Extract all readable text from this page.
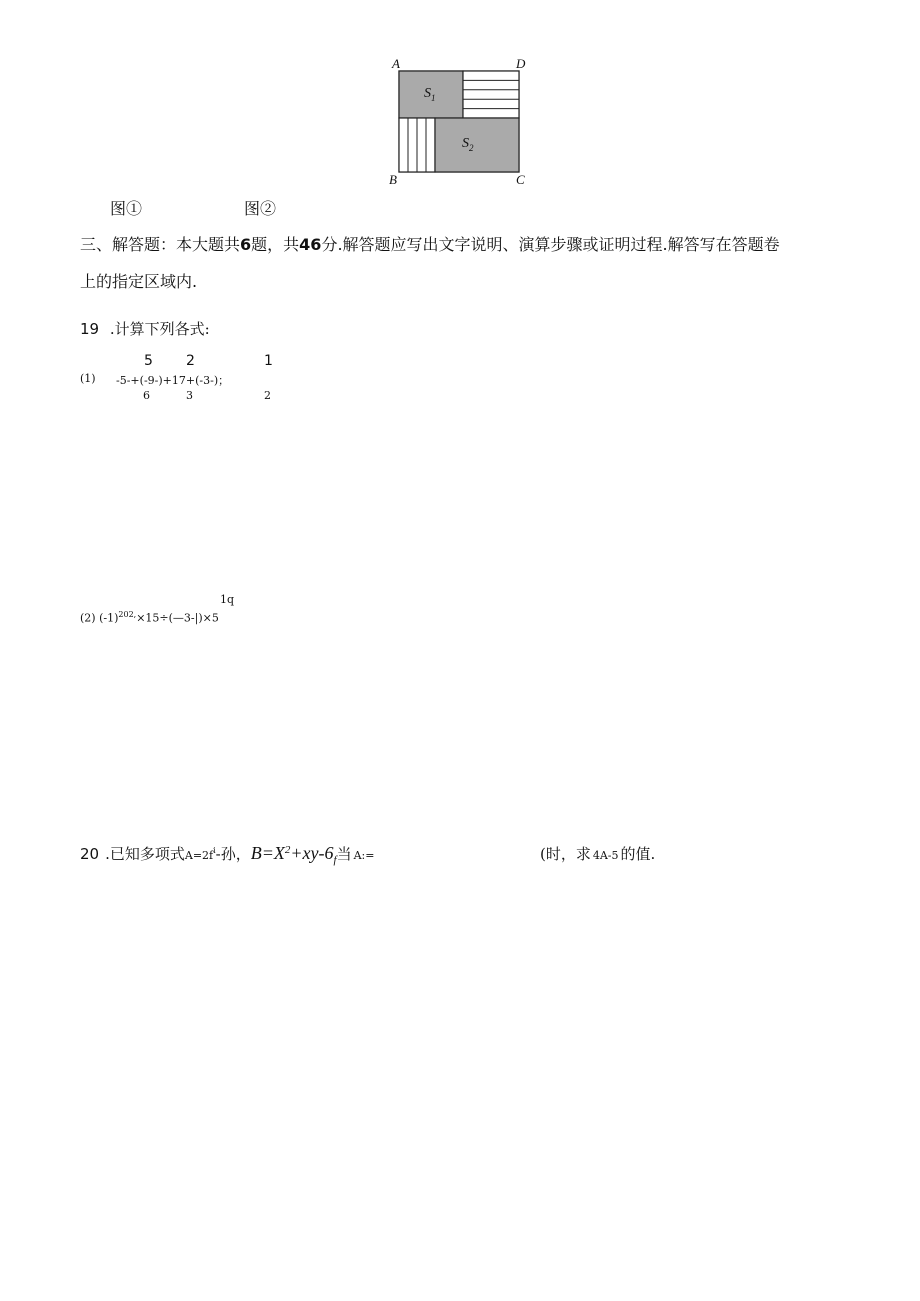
A	D
B	C
$S_1$
$S_2$
图①	图②
三、解答题：本大题共6题，共46分.解答题应写出文字说明、演算步骤或证明过程.解答写在答题卷
上的指定区域内.
19 .计算下列各式:
5 2	1
(1) -5-+(-9-)+17+(-3-)；
6	3	2
1q
(2) $(-1)^{202,}\times 15\div(—3-|)\times 5$
20 .已知多项式$A=2f^i-$孙，$B=X^2+xy-6_f$当 A:=	(时，求 4A-5 的值.
